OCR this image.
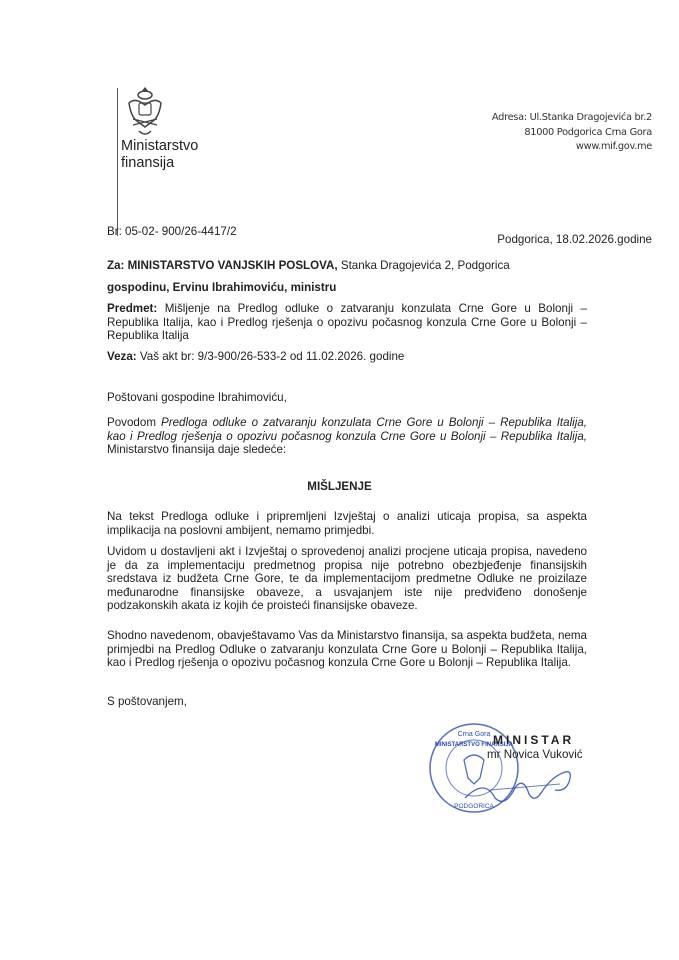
Ministarstvo
finansija
Adresa: Ul.Stanka Dragojevića br.2
81000 Podgorica Crna Gora
www.mif.gov.me
Br: 05-02- 900/26-4417/2
Podgorica, 18.02.2026.godine
Za: MINISTARSTVO VANJSKIH POSLOVA, Stanka Dragojevića 2, Podgorica
gospodinu, Ervinu Ibrahimoviću, ministru
Predmet: Mišljenje na Predlog odluke o zatvaranju konzulata Crne Gore u Bolonji – Republika Italija, kao i Predlog rješenja o opozivu počasnog konzula Crne Gore u Bolonji – Republika Italija
Veza: Vaš akt br: 9/3-900/26-533-2 od 11.02.2026. godine
Poštovani gospodine Ibrahimoviću,
Povodom Predloga odluke o zatvaranju konzulata Crne Gore u Bolonji – Republika Italija, kao i Predlog rješenja o opozivu počasnog konzula Crne Gore u Bolonji – Republika Italija, Ministarstvo finansija daje sledeće:
MIŠLJENJE
Na tekst Predloga odluke i pripremljeni Izvještaj o analizi uticaja propisa, sa aspekta implikacija na poslovni ambijent, nemamo primjedbi.
Uvidom u dostavljeni akt i Izvještaj o sprovedenoj analizi procjene uticaja propisa, navedeno je da za implementaciju predmetnog propisa nije potrebno obezbjeđenje finansijskih sredstava iz budžeta Crne Gore, te da implementacijom predmetne Odluke ne proizilaze međunarodne finansijske obaveze, a usvajanjem iste nije predviđeno donošenje podzakonskih akata iz kojih će proisteći finansijske obaveze.
Shodno navedenom, obavještavamo Vas da Ministarstvo finansija, sa aspekta budžeta, nema primjedbi na Predlog Odluke o zatvaranju konzulata Crne Gore u Bolonji – Republika Italija, kao i Predlog rješenja o opozivu počasnog konzula Crne Gore u Bolonji – Republika Italija.
S poštovanjem,
Crna Gora
MINISTARSTVO FINANSIJA
PODGORICA
MINISTAR
mr Novica Vuković
